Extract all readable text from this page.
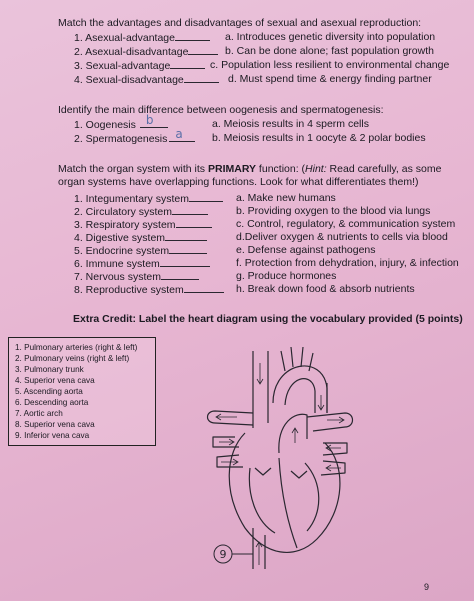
Match the advantages and disadvantages of sexual and asexual reproduction:
1. Asexual-advantage	a. Introduces genetic diversity into population
2. Asexual-disadvantage	b. Can be done alone; fast population growth
3. Sexual-advantage	c. Population less resilient to environmental change
4. Sexual-disadvantage	d. Must spend time & energy finding partner
Identify the main difference between oogenesis and spermatogenesis:
1. Oogenesis b	a. Meiosis results in 4 sperm cells
2. Spermatogenesis a	b. Meiosis results in 1 oocyte & 2 polar bodies
Match the organ system with its PRIMARY function: (Hint: Read carefully, as some
organ systems have overlapping functions. Look for what differentiates them!)
1. Integumentary system	a. Make new humans
2. Circulatory system	b. Providing oxygen to the blood via lungs
3. Respiratory system	c. Control, regulatory, & communication system
4. Digestive system	d.Deliver oxygen & nutrients to cells via blood
5. Endocrine system	e. Defense against pathogens
6. Immune system	f. Protection from dehydration, injury, & infection
7. Nervous system	g. Produce hormones
8. Reproductive system	h. Break down food & absorb nutrients
Extra Credit: Label the heart diagram using the vocabulary provided (5 points)
1. Pulmonary arteries (right & left)
2. Pulmonary veins (right & left)
3. Pulmonary trunk
4. Superior vena cava
5. Ascending aorta
6. Descending aorta
7. Aortic arch
8. Superior vena cava
9. Inferior vena cava
9
9
